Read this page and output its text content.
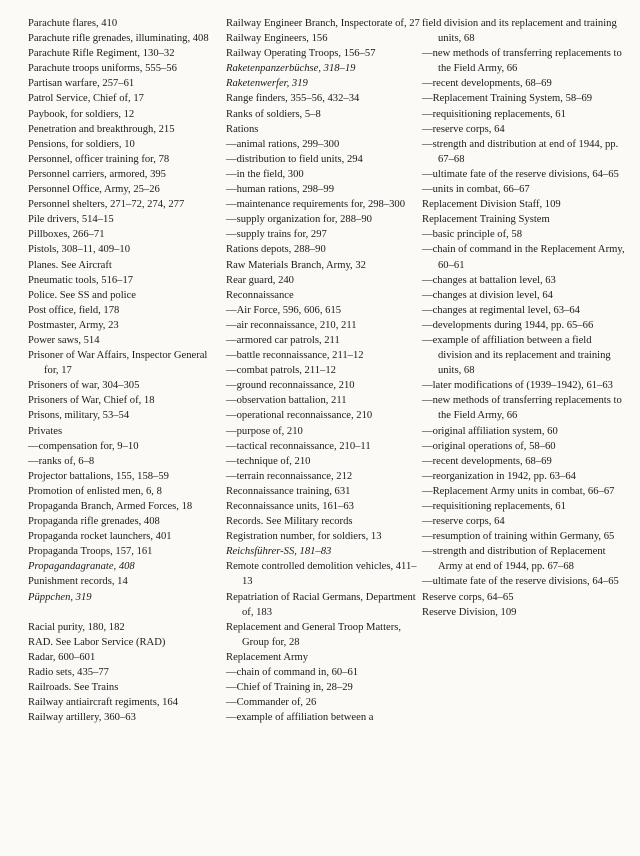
Parachute flares, 410
Parachute rifle grenades, illuminating, 408
Parachute Rifle Regiment, 130–32
Parachute troops uniforms, 555–56
Partisan warfare, 257–61
Patrol Service, Chief of, 17
Paybook, for soldiers, 12
Penetration and breakthrough, 215
Pensions, for soldiers, 10
Personnel, officer training for, 78
Personnel carriers, armored, 395
Personnel Office, Army, 25–26
Personnel shelters, 271–72, 274, 277
Pile drivers, 514–15
Pillboxes, 266–71
Pistols, 308–11, 409–10
Planes. See Aircraft
Pneumatic tools, 516–17
Police. See SS and police
Post office, field, 178
Postmaster, Army, 23
Power saws, 514
Prisoner of War Affairs, Inspector General for, 17
Prisoners of war, 304–305
Prisoners of War, Chief of, 18
Prisons, military, 53–54
Privates
—compensation for, 9–10
—ranks of, 6–8
Projector battalions, 155, 158–59
Promotion of enlisted men, 6, 8
Propaganda Branch, Armed Forces, 18
Propaganda rifle grenades, 408
Propaganda rocket launchers, 401
Propaganda Troops, 157, 161
Propagandagranate, 408
Punishment records, 14
Püppchen, 319
Racial purity, 180, 182
RAD. See Labor Service (RAD)
Radar, 600–601
Radio sets, 435–77
Railroads. See Trains
Railway antiaircraft regiments, 164
Railway artillery, 360–63
Railway Engineer Branch, Inspectorate of, 27
Railway Engineers, 156
Railway Operating Troops, 156–57
Raketenpanzerbüchse, 318–19
Raketenwerfer, 319
Range finders, 355–56, 432–34
Ranks of soldiers, 5–8
Rations
—animal rations, 299–300
—distribution to field units, 294
—in the field, 300
—human rations, 298–99
—maintenance requirements for, 298–300
—supply organization for, 288–90
—supply trains for, 297
Rations depots, 288–90
Raw Materials Branch, Army, 32
Rear guard, 240
Reconnaissance
—Air Force, 596, 606, 615
—air reconnaissance, 210, 211
—armored car patrols, 211
—battle reconnaissance, 211–12
—combat patrols, 211–12
—ground reconnaissance, 210
—observation battalion, 211
—operational reconnaissance, 210
—purpose of, 210
—tactical reconnaissance, 210–11
—technique of, 210
—terrain reconnaissance, 212
Reconnaissance training, 631
Reconnaissance units, 161–63
Records. See Military records
Registration number, for soldiers, 13
Reichsführer-SS, 181–83
Remote controlled demolition vehicles, 411–13
Repatriation of Racial Germans, Department of, 183
Replacement and General Troop Matters, Group for, 28
Replacement Army
—chain of command in, 60–61
—Chief of Training in, 28–29
—Commander of, 26
—example of affiliation between a
field division and its replacement and training units, 68
—new methods of transferring replacements to the Field Army, 66
—recent developments, 68–69
—Replacement Training System, 58–69
—requisitioning replacements, 61
—reserve corps, 64
—strength and distribution at end of 1944, pp. 67–68
—ultimate fate of the reserve divisions, 64–65
—units in combat, 66–67
Replacement Division Staff, 109
Replacement Training System
—basic principle of, 58
—chain of command in the Replacement Army, 60–61
—changes at battalion level, 63
—changes at division level, 64
—changes at regimental level, 63–64
—developments during 1944, pp. 65–66
—example of affiliation between a field division and its replacement and training units, 68
—later modifications of (1939–1942), 61–63
—new methods of transferring replacements to the Field Army, 66
—original affiliation system, 60
—original operations of, 58–60
—recent developments, 68–69
—reorganization in 1942, pp. 63–64
—Replacement Army units in combat, 66–67
—requisitioning replacements, 61
—reserve corps, 64
—resumption of training within Germany, 65
—strength and distribution of Replacement Army at end of 1944, pp. 67–68
—ultimate fate of the reserve divisions, 64–65
Reserve corps, 64–65
Reserve Division, 109
